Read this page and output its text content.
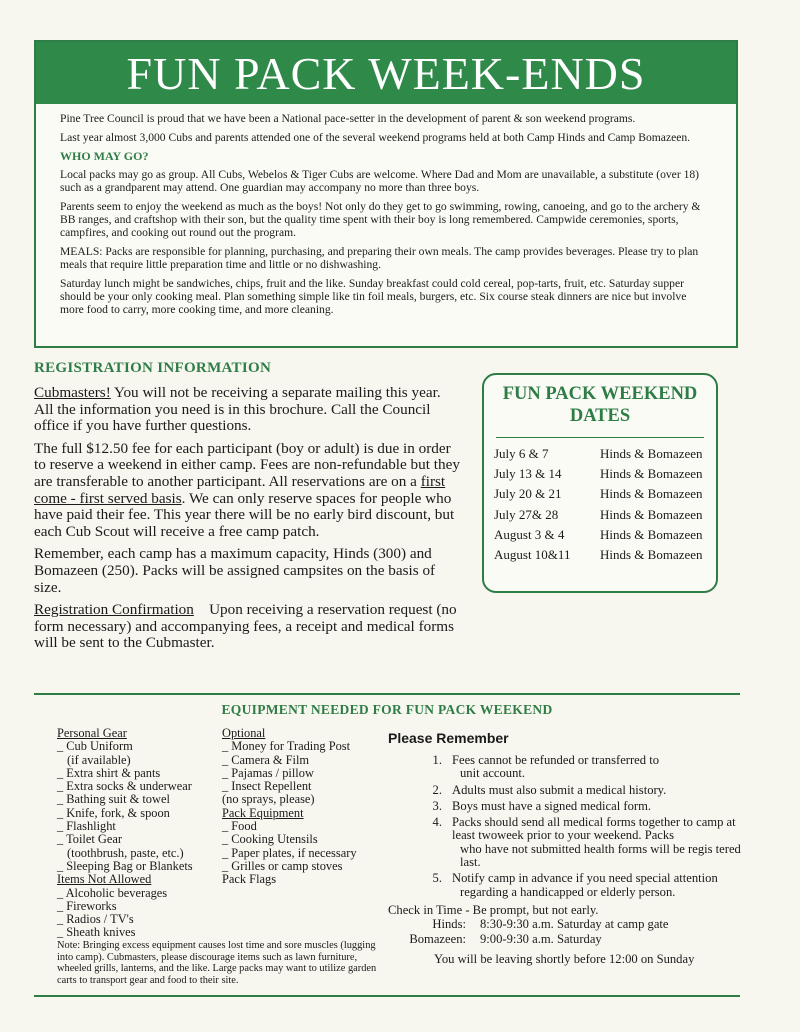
FUN PACK WEEK-ENDS

Pine Tree Council is proud that we have been a National pace-setter in the development of parent & son weekend programs.

Last year almost 3,000 Cubs and parents attended one of the several weekend programs held at both Camp Hinds and Camp Bomazeen.

WHO MAY GO?

Local packs may go as group. All Cubs, Webelos & Tiger Cubs are welcome. Where Dad and Mom are unavailable, a substitute (over 18) such as a grandparent may attend. One guardian may accompany no more than three boys.

Parents seem to enjoy the weekend as much as the boys! Not only do they get to go swimming, rowing, canoeing, and go to the archery & BB ranges, and craftshop with their son, but the quality time spent with their boy is long remembered. Campwide ceremonies, sports, campfires, and cooking out round out the program.

MEALS: Packs are responsible for planning, purchasing, and preparing their own meals. The camp provides beverages. Please try to plan meals that require little preparation time and little or no dishwashing.

Saturday lunch might be sandwiches, chips, fruit and the like. Sunday breakfast could cold cereal, pop-tarts, fruit, etc. Saturday supper should be your only cooking meal. Plan something simple like tin foil meals, burgers, etc. Six course steak dinners are nice but involve more food to carry, more cooking time, and more cleaning.

REGISTRATION INFORMATION

Cubmasters! You will not be receiving a separate mailing this year. All the information you need is in this brochure. Call the Council office if you have further questions.

The full $12.50 fee for each participant (boy or adult) is due in order to reserve a weekend in either camp. Fees are non-refundable but they are transferable to another participant. All reservations are on a first come - first served basis. We can only reserve spaces for people who have paid their fee. This year there will be no early bird discount, but each Cub Scout will receive a free camp patch.

Remember, each camp has a maximum capacity, Hinds (300) and Bomazeen (250). Packs will be assigned campsites on the basis of size.

Registration Confirmation    Upon receiving a reservation request (no form necessary) and accompanying fees, a receipt and medical forms will be sent to the Cubmaster.

FUN PACK WEEKEND
DATES
July 6 & 7	Hinds & Bomazeen
July 13 & 14	Hinds & Bomazeen
July 20 & 21	Hinds & Bomazeen
July 27& 28	Hinds & Bomazeen
August 3 & 4	Hinds & Bomazeen
August 10&11	Hinds & Bomazeen
EQUIPMENT NEEDED FOR FUN PACK WEEKEND
Personal Gear
_ Cub Uniform
(if available)
_ Extra shirt & pants
_ Extra socks & underwear
_ Bathing suit & towel
_ Knife, fork, & spoon
_ Flashlight
_ Toilet Gear
(toothbrush, paste, etc.)
_ Sleeping Bag or Blankets
Items Not Allowed
_ Alcoholic beverages
_ Fireworks
_ Radios / TV's
_ Sheath knives
Optional
_ Money for Trading Post
_ Camera & Film
_ Pajamas / pillow
_ Insect Repellent
(no sprays, please)
Pack Equipment
_ Food
_ Cooking Utensils
_ Paper plates, if necessary
_ Grilles or camp stoves
Pack Flags
Note: Bringing excess equipment causes lost time and sore muscles (lugging into camp). Cubmasters, please discourage items such as lawn furniture, wheeled grills, lanterns, and the like. Large packs may want to utilize garden carts to transport gear and food to their site.
Please Remember
1. Fees cannot be refunded or transferred to
unit account.
2. Adults must also submit a medical history.
3. Boys must have a signed medical form.
4. Packs should send all medical forms together to camp at least twoweek prior to your weekend. Packs
who have not submitted health forms will be regis tered last.
5. Notify camp in advance if you need special attention
regarding a handicapped or elderly person.
Check in Time - Be prompt, but not early.
Hinds:	8:30-9:30 a.m. Saturday at camp gate
Bomazeen:	9:00-9:30 a.m. Saturday
You will be leaving shortly before 12:00 on Sunday
